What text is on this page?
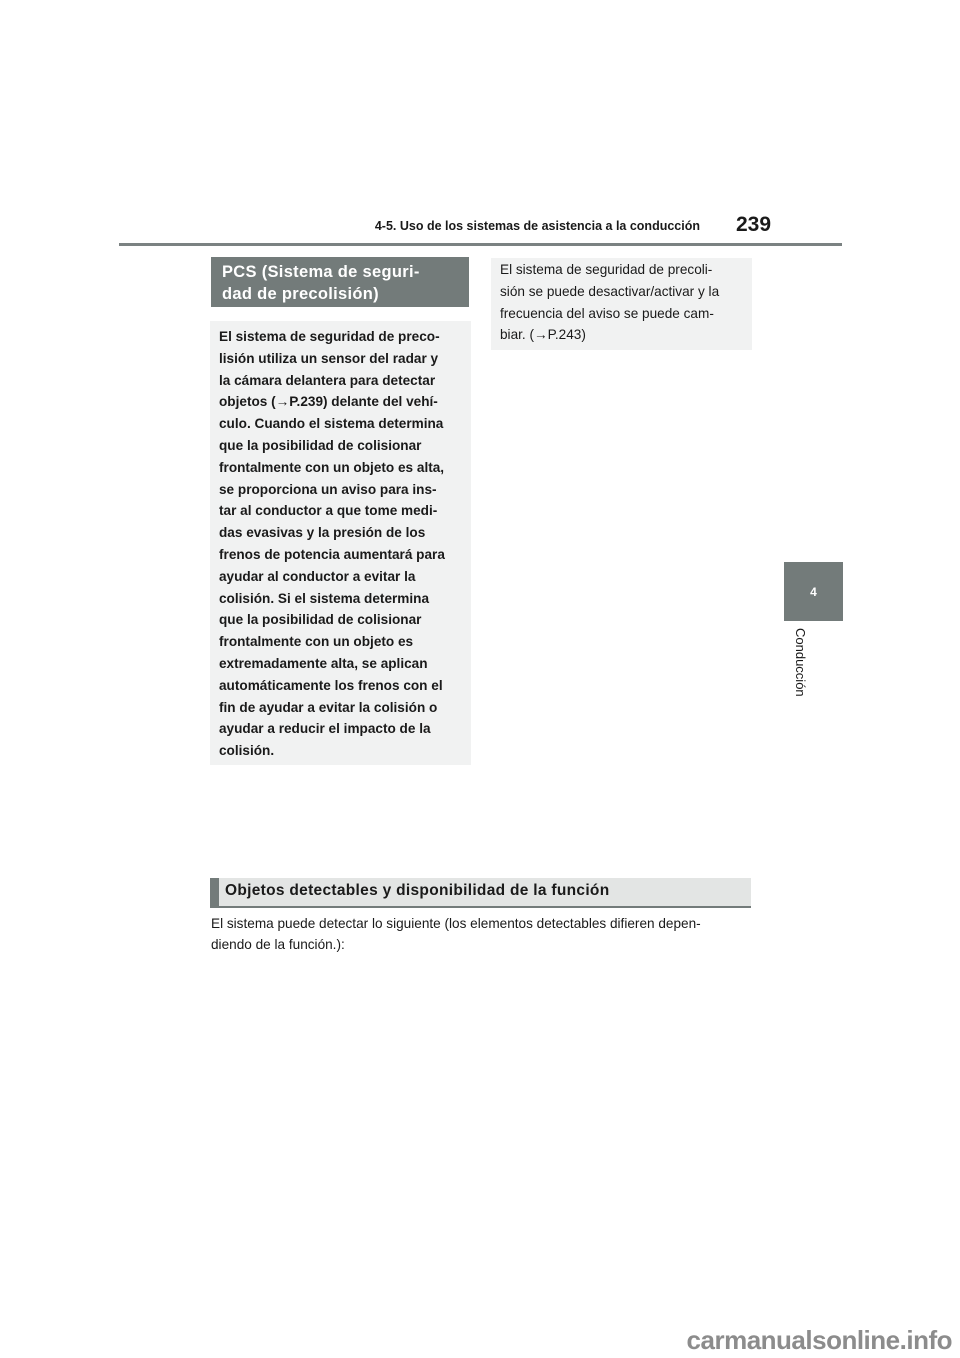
4-5. Uso de los sistemas de asistencia a la conducción 239
4
Conducción
PCS (Sistema de seguri-
dad de precolisión)
El sistema de seguridad de preco-
lisión utiliza un sensor del radar y
la cámara delantera para detectar
objetos (→P.239) delante del vehí-
culo. Cuando el sistema determina
que la posibilidad de colisionar
frontalmente con un objeto es alta,
se proporciona un aviso para ins-
tar al conductor a que tome medi-
das evasivas y la presión de los
frenos de potencia aumentará para
ayudar al conductor a evitar la
colisión. Si el sistema determina
que la posibilidad de colisionar
frontalmente con un objeto es
extremadamente alta, se aplican
automáticamente los frenos con el
fin de ayudar a evitar la colisión o
ayudar a reducir el impacto de la
colisión.
El sistema de seguridad de precoli-
sión se puede desactivar/activar y la
frecuencia del aviso se puede cam-
biar. (→P.243)
Objetos detectables y disponibilidad de la función
El sistema puede detectar lo siguiente (los elementos detectables difieren depen-
diendo de la función.):
carmanualsonline.info
